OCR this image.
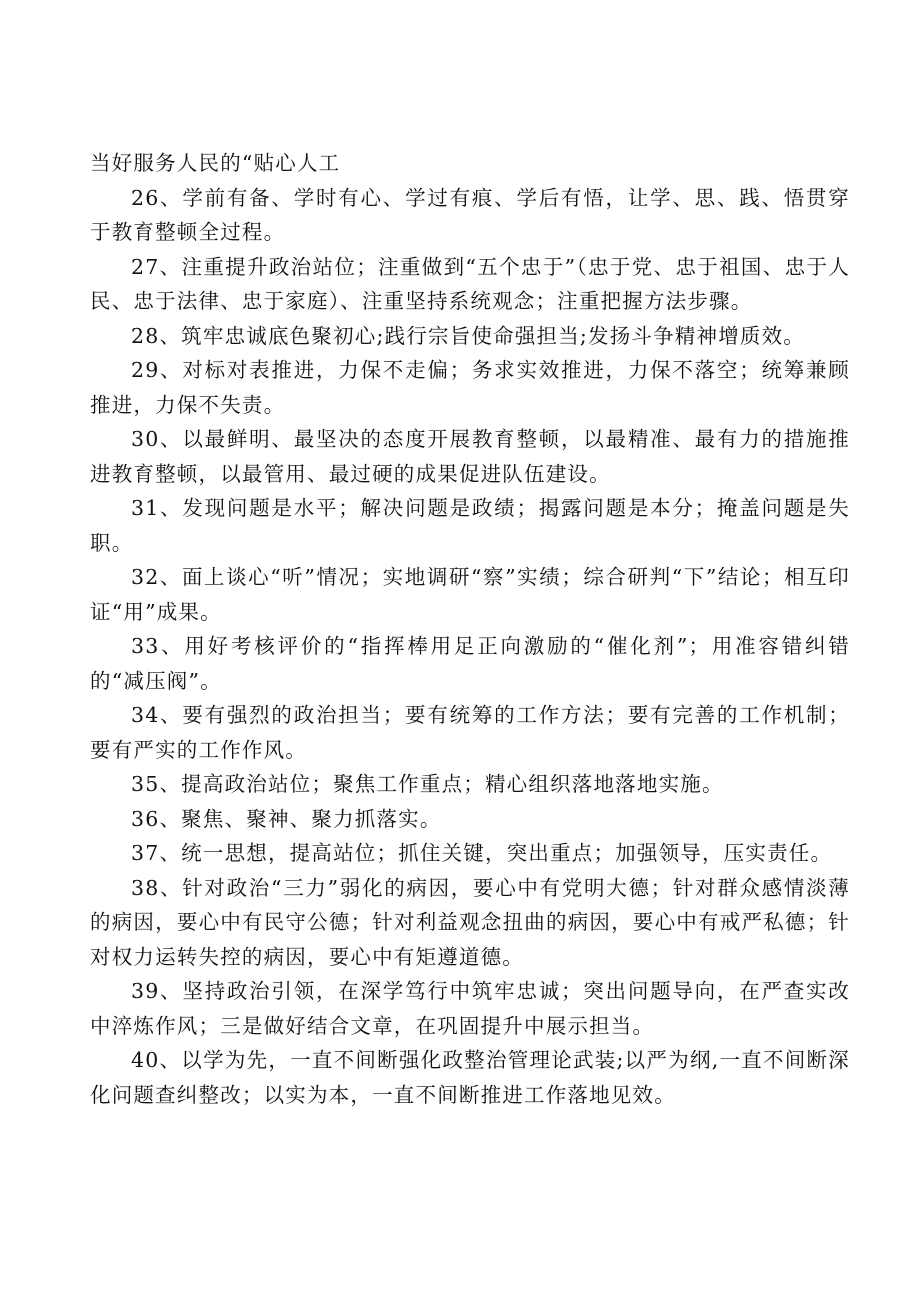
当好服务人民的“贴心人工

26、学前有备、学时有心、学过有痕、学后有悟，让学、思、践、悟贯穿于教育整顿全过程。

27、注重提升政治站位；注重做到“五个忠于”（忠于党、忠于祖国、忠于人民、忠于法律、忠于家庭）、注重坚持系统观念；注重把握方法步骤。

28、筑牢忠诚底色聚初心;践行宗旨使命强担当;发扬斗争精神增质效。

29、对标对表推进，力保不走偏；务求实效推进，力保不落空；统筹兼顾推进，力保不失责。

30、以最鲜明、最坚决的态度开展教育整顿，以最精准、最有力的措施推进教育整顿，以最管用、最过硬的成果促进队伍建设。

31、发现问题是水平；解决问题是政绩；揭露问题是本分；掩盖问题是失职。

32、面上谈心“听”情况；实地调研“察”实绩；综合研判“下”结论；相互印证“用”成果。

33、用好考核评价的“指挥棒用足正向激励的“催化剂”；用准容错纠错的“减压阀”。

34、要有强烈的政治担当；要有统筹的工作方法；要有完善的工作机制；要有严实的工作作风。

35、提高政治站位；聚焦工作重点；精心组织落地落地实施。

36、聚焦、聚神、聚力抓落实。

37、统一思想，提高站位；抓住关键，突出重点；加强领导，压实责任。

38、针对政治“三力”弱化的病因，要心中有党明大德；针对群众感情淡薄的病因，要心中有民守公德；针对利益观念扭曲的病因，要心中有戒严私德；针对权力运转失控的病因，要心中有矩遵道德。

39、坚持政治引领，在深学笃行中筑牢忠诚；突出问题导向，在严查实改中淬炼作风；三是做好结合文章，在巩固提升中展示担当。

40、以学为先，一直不间断强化政整治管理论武装;以严为纲,一直不间断深化问题查纠整改；以实为本，一直不间断推进工作落地见效。
